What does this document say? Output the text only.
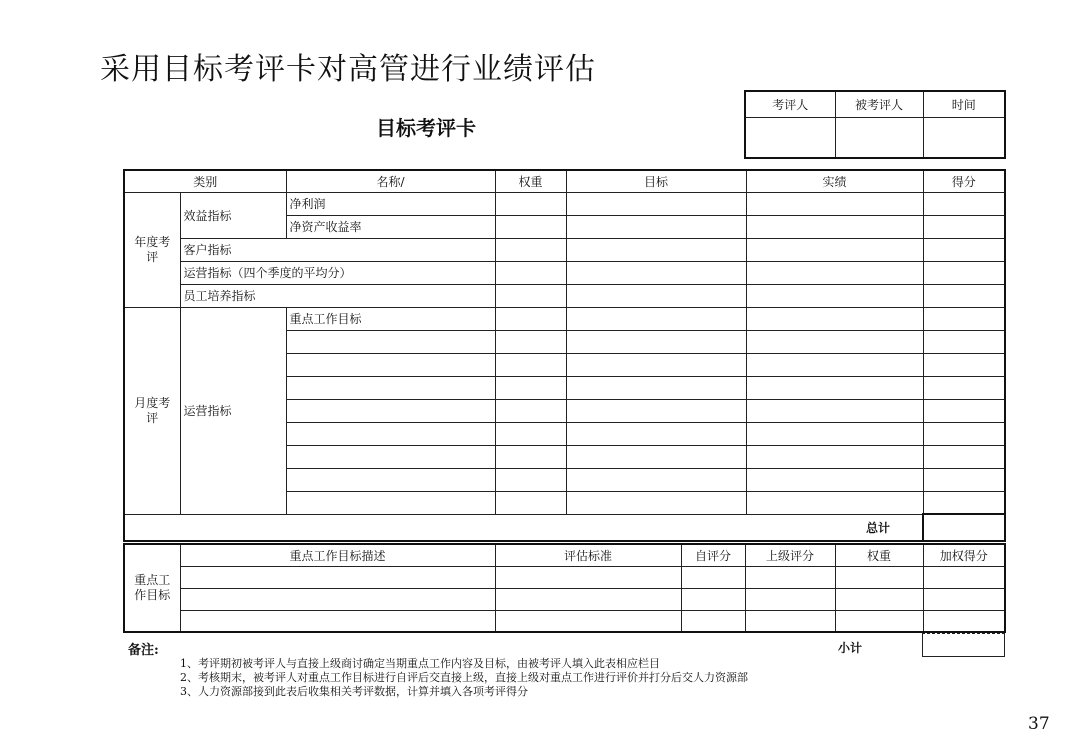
采用目标考评卡对高管进行业绩评估
目标考评卡
考评人	被考评人	时间

类别		名称/	权重	目标	实绩	得分
年度考评	效益指标	净利润				
		净资产收益率				
	客户指标					
	运营指标（四个季度的平均分）					
	员工培养指标					
月度考评	运营指标	重点工作目标				

总计						
重点工作目标	重点工作目标描述	评估标准	自评分	上级评分	权重	加权得分

备注:	小计
1、考评期初被考评人与直接上级商讨确定当期重点工作内容及目标，由被考评人填入此表相应栏目
2、考核期末，被考评人对重点工作目标进行自评后交直接上级，直接上级对重点工作进行评价并打分后交人力资源部
3、人力资源部接到此表后收集相关考评数据，计算并填入各项考评得分
37
